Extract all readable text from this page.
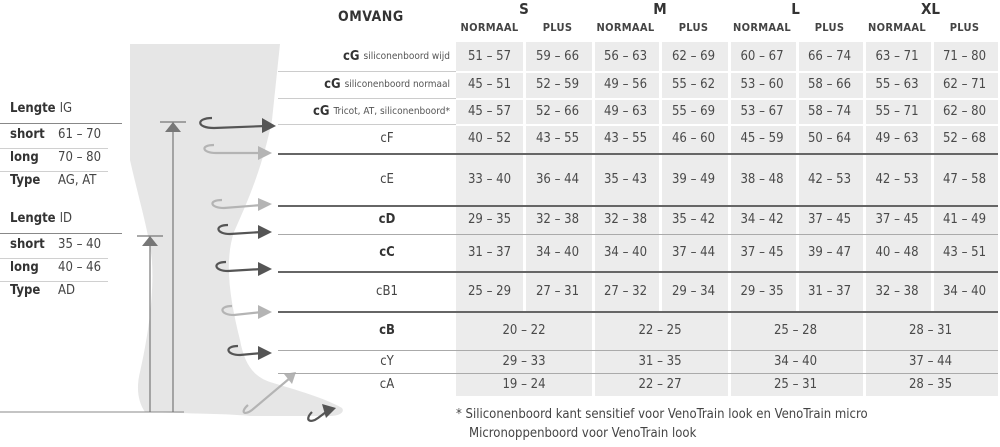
Lengte lG
short 61 – 70
long 70 – 80
Type AG, AT
Lengte lD
short 35 – 40
long 40 – 46
Type AD
OMVANG	S
NORMAAL	PLUS
M
NORMAAL	PLUS
L
NORMAAL	PLUS
XL
NORMAAL	PLUS
cG siliconenboord wijd	51 – 57	59 – 66	56 – 63	62 – 69	60 – 67	66 – 74	63 – 71	71 – 80
cG siliconenboord normaal	45 – 51	52 – 59	49 – 56	55 – 62	53 – 60	58 – 66	55 – 63	62 – 71
cG Tricot, AT, siliconenboord*	45 – 57	52 – 66	49 – 63	55 – 69	53 – 67	58 – 74	55 – 71	62 – 80
cF	40 – 52	43 – 55	43 – 55	46 – 60	45 – 59	50 – 64	49 – 63	52 – 68
cE	33 – 40	36 – 44	35 – 43	39 – 49	38 – 48	42 – 53	42 – 53	47 – 58
cD	29 – 35	32 – 38	32 – 38	35 – 42	34 – 42	37 – 45	37 – 45	41 – 49
cC	31 – 37	34 – 40	34 – 40	37 – 44	37 – 45	39 – 47	40 – 48	43 – 51
cB1	25 – 29	27 – 31	27 – 32	29 – 34	29 – 35	31 – 37	32 – 38	34 – 40
cB	20 – 22	22 – 25	25 – 28	28 – 31
cY	29 – 33	31 – 35	34 – 40	37 – 44
cA	19 – 24	22 – 27	25 – 31	28 – 35
* Siliconenboord kant sensitief voor VenoTrain look en VenoTrain micro
Micronoppenboord voor VenoTrain look
